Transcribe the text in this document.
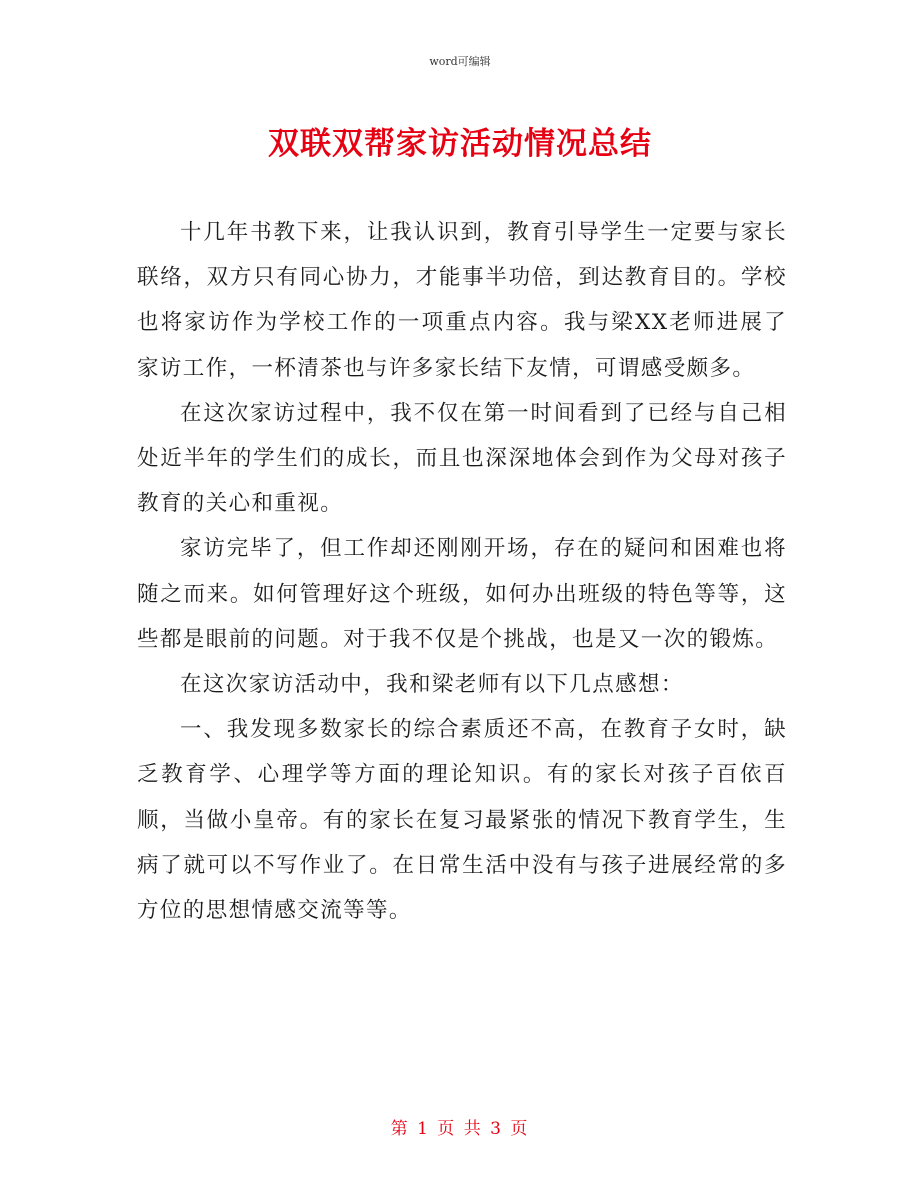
word可编辑
双联双帮家访活动情况总结

十几年书教下来，让我认识到，教育引导学生一定要与家长联络，双方只有同心协力，才能事半功倍，到达教育目的。学校也将家访作为学校工作的一项重点内容。我与梁XX老师进展了家访工作，一杯清茶也与许多家长结下友情，可谓感受颇多。

在这次家访过程中，我不仅在第一时间看到了已经与自己相处近半年的学生们的成长，而且也深深地体会到作为父母对孩子教育的关心和重视。

家访完毕了，但工作却还刚刚开场，存在的疑问和困难也将随之而来。如何管理好这个班级，如何办出班级的特色等等，这些都是眼前的问题。对于我不仅是个挑战，也是又一次的锻炼。

在这次家访活动中，我和梁老师有以下几点感想：

一、我发现多数家长的综合素质还不高，在教育子女时，缺乏教育学、心理学等方面的理论知识。有的家长对孩子百依百顺，当做小皇帝。有的家长在复习最紧张的情况下教育学生，生病了就可以不写作业了。在日常生活中没有与孩子进展经常的多方位的思想情感交流等等。

第 1 页 共 3 页
